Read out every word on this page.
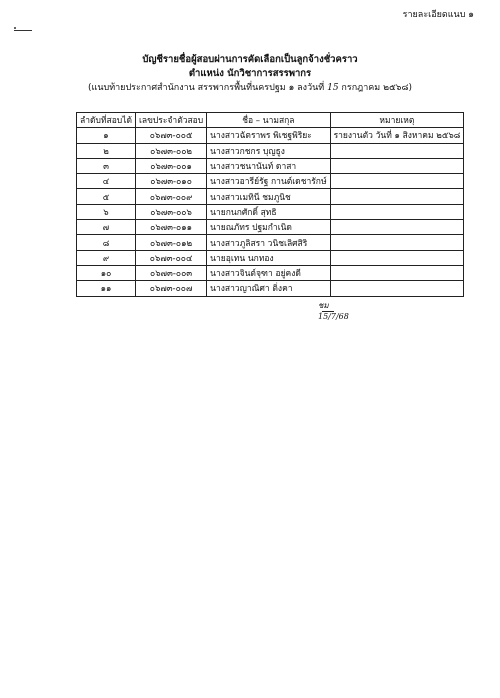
รายละเอียดแนบ ๑
บัญชีรายชื่อผู้สอบผ่านการคัดเลือกเป็นลูกจ้างชั่วคราว
ตำแหน่ง นักวิชาการสรรพากร
(แนบท้ายประกาศสำนักงาน สรรพากรพื้นที่นครปฐม ๑ ลงวันที่ 15 กรกฎาคม ๒๕๖๘)
ลำดับที่สอบได้	เลขประจำตัวสอบ	ชื่อ – นามสกุล	หมายเหตุ
๑	๐๖๗๓-๐๐๕	นางสาวฉัตราพร พิเชฐพิริยะ	รายงานตัว วันที่ ๑ สิงหาคม ๒๕๖๘
๒	๐๖๗๓-๐๐๒	นางสาวกชกร บุญธูง	
๓	๐๖๗๓-๐๐๑	นางสาวชนานันท์ ดาสา	
๔	๐๖๗๓-๐๑๐	นางสาวอารีย์รัฐ กานต์เดชารักษ์	
๕	๐๖๗๓-๐๐๙	นางสาวเมทินี ชมภูนิช	
๖	๐๖๗๓-๐๐๖	นายกนกศักดิ์ สุทธิ	
๗	๐๖๗๓-๐๑๑	นายณภัทร ปฐมกำเนิด	
๘	๐๖๗๓-๐๑๒	นางสาวภูลิสรา วนิชเลิศสิริ	
๙	๐๖๗๓-๐๐๔	นายอุเทน นกทอง	
๑๐	๐๖๗๓-๐๐๓	นางสาวจินต์จุฑา อยู่คงดี	
๑๑	๐๖๗๓-๐๐๗	นางสาวญาณิศา ติ่งคา	
ชม
15/7/68
